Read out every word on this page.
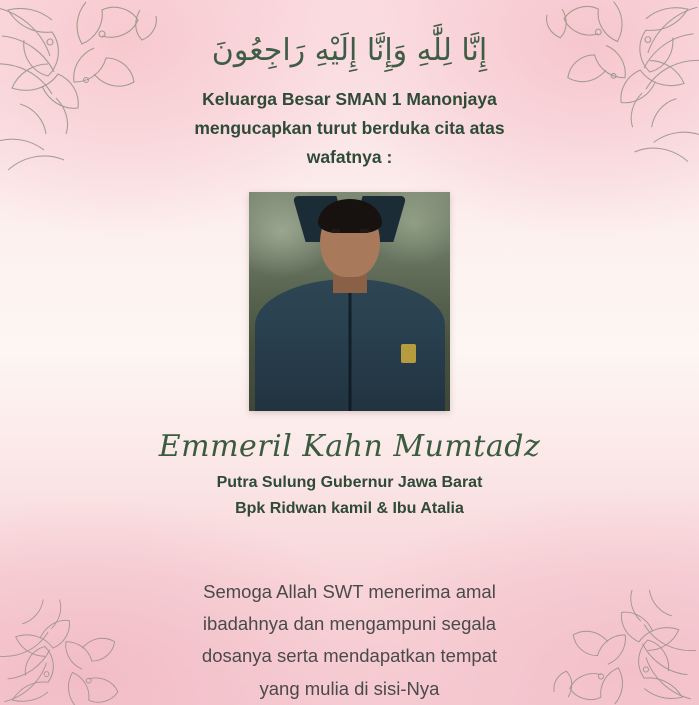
إِنَّا لِلَّٰهِ وَإِنَّا إِلَيْهِ رَاجِعُونَ
Keluarga Besar SMAN 1 Manonjaya
mengucapkan turut berduka cita atas
wafatnya :
Emmeril Kahn Mumtadz
Putra Sulung Gubernur Jawa Barat
Bpk Ridwan kamil & Ibu Atalia
Semoga Allah SWT menerima amal
ibadahnya dan mengampuni segala
dosanya serta mendapatkan tempat
yang mulia di sisi-Nya
